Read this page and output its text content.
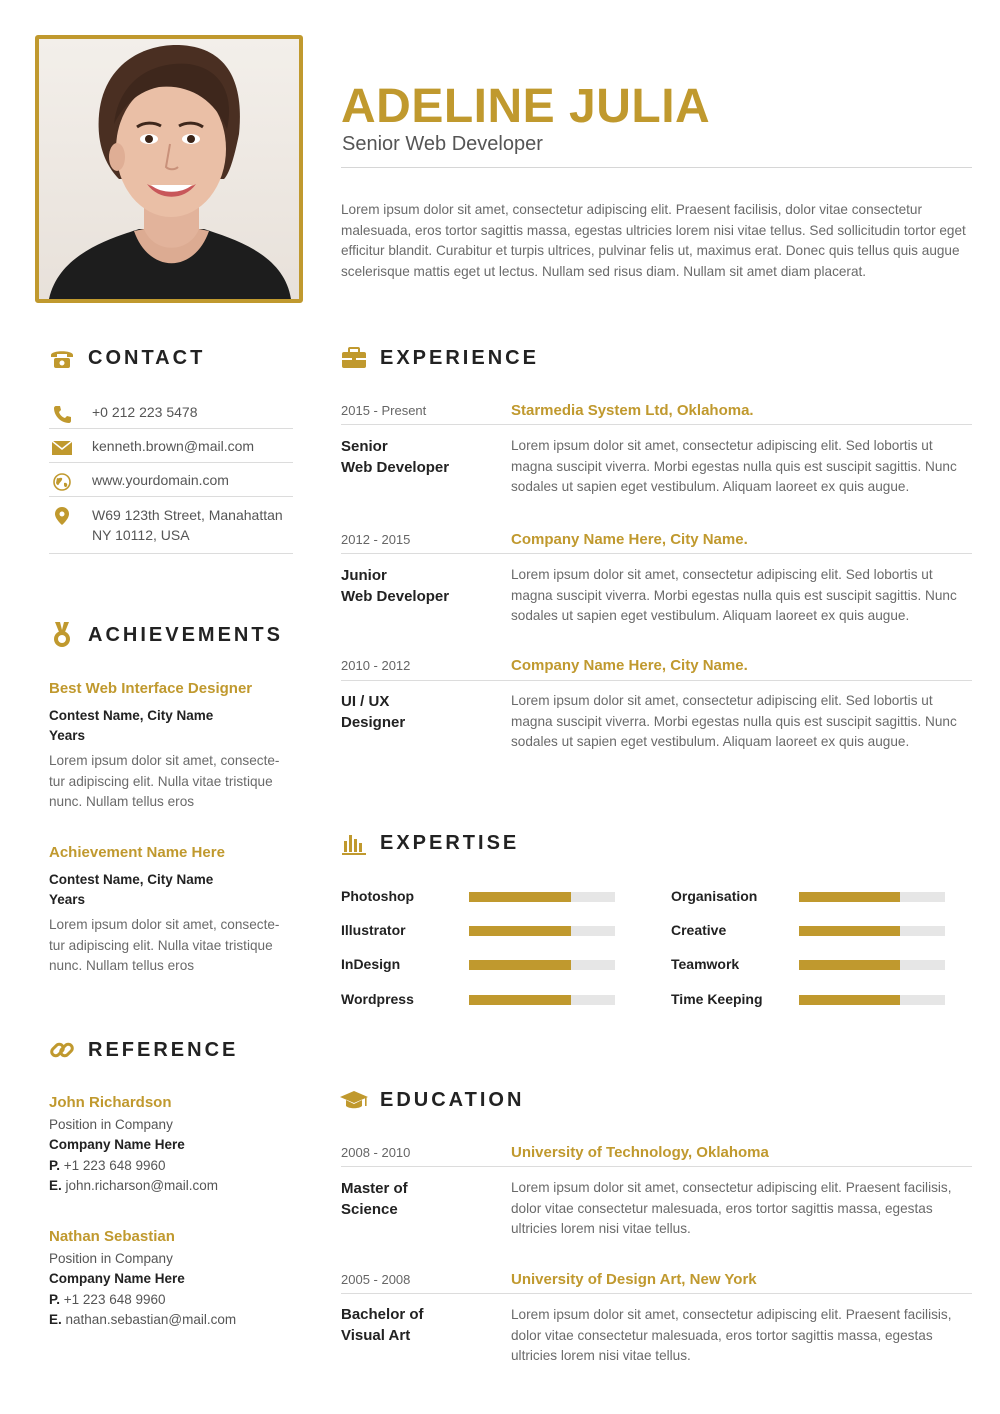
ADELINE JULIA
Senior Web Developer
Lorem ipsum dolor sit amet, consectetur adipiscing elit. Praesent facilisis, dolor vitae consectetur malesuada, eros tortor sagittis massa, egestas ultricies lorem nisi vitae tellus. Sed sollicitudin tortor eget efficitur blandit. Curabitur et turpis ultrices, pulvinar felis ut, maximus erat. Donec quis tellus quis augue scelerisque mattis eget ut lectus. Nullam sed risus diam. Nullam sit amet diam placerat.
CONTACT
+0 212 223 5478
kenneth.brown@mail.com
www.yourdomain.com
W69 123th Street, Manahattan
NY 10112, USA
ACHIEVEMENTS
Best Web Interface Designer
Contest Name, City Name
Years
Lorem ipsum dolor sit amet, consecte- tur adipiscing elit. Nulla vitae tristique nunc. Nullam tellus eros
Achievement Name Here
Contest Name, City Name
Years
Lorem ipsum dolor sit amet, consecte- tur adipiscing elit. Nulla vitae tristique nunc. Nullam tellus eros
REFERENCE
John Richardson
Position in Company
Company Name Here
P. +1 223 648 9960
E. john.richarson@mail.com
Nathan Sebastian
Position in Company
Company Name Here
P. +1 223 648 9960
E. nathan.sebastian@mail.com
EXPERIENCE
2015 - Present	Starmedia System Ltd, Oklahoma.
Senior
Web Developer
Lorem ipsum dolor sit amet, consectetur adipiscing elit. Sed lobortis ut magna suscipit viverra. Morbi egestas nulla quis est suscipit sagittis. Nunc sodales ut sapien eget vestibulum. Aliquam laoreet ex quis augue.
2012 - 2015	Company Name Here, City Name.
Junior
Web Developer
Lorem ipsum dolor sit amet, consectetur adipiscing elit. Sed lobortis ut magna suscipit viverra. Morbi egestas nulla quis est suscipit sagittis. Nunc sodales ut sapien eget vestibulum. Aliquam laoreet ex quis augue.
2010 - 2012	Company Name Here, City Name.
UI / UX
Designer
Lorem ipsum dolor sit amet, consectetur adipiscing elit. Sed lobortis ut magna suscipit viverra. Morbi egestas nulla quis est suscipit sagittis. Nunc sodales ut sapien eget vestibulum. Aliquam laoreet ex quis augue.
EXPERTISE
Photoshop
Illustrator
InDesign
Wordpress
Organisation
Creative
Teamwork
Time Keeping
EDUCATION
2008 - 2010	University of Technology, Oklahoma
Master of
Science
Lorem ipsum dolor sit amet, consectetur adipiscing elit. Praesent facilisis, dolor vitae consectetur malesuada, eros tortor sagittis massa, egestas ultricies lorem nisi vitae tellus.
2005 - 2008	University of Design Art, New York
Bachelor of
Visual Art
Lorem ipsum dolor sit amet, consectetur adipiscing elit. Praesent facilisis, dolor vitae consectetur malesuada, eros tortor sagittis massa, egestas ultricies lorem nisi vitae tellus.
